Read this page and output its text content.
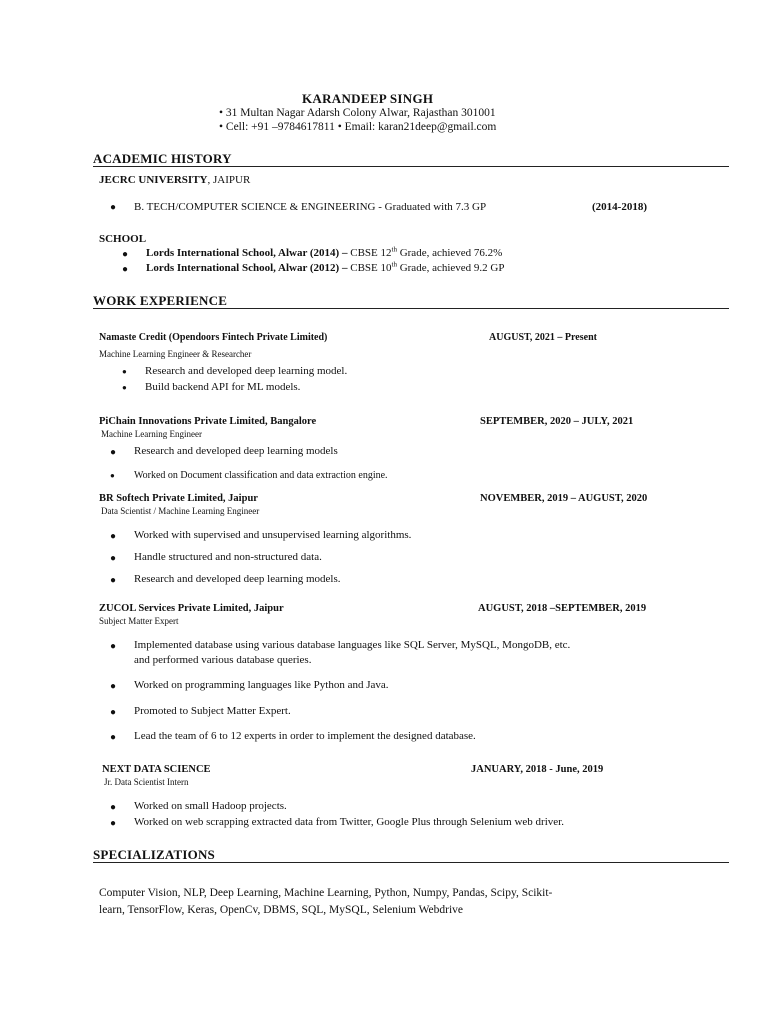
KARANDEEP SINGH
• 31 Multan Nagar Adarsh Colony Alwar, Rajasthan 301001
• Cell: +91 –9784617811 • Email: karan21deep@gmail.com
ACADEMIC HISTORY
JECRC UNIVERSITY, JAIPUR
● B. TECH/COMPUTER SCIENCE & ENGINEERING - Graduated with 7.3 GP	(2014-2018)
SCHOOL
● Lords International School, Alwar (2014) – CBSE 12th Grade, achieved 76.2%
● Lords International School, Alwar (2012) – CBSE 10th Grade, achieved 9.2 GP
WORK EXPERIENCE
Namaste Credit (Opendoors Fintech Private Limited)	AUGUST, 2021 – Present
Machine Learning Engineer & Researcher
● Research and developed deep learning model.
● Build backend API for ML models.
PiChain Innovations Private Limited, Bangalore	SEPTEMBER, 2020 – JULY, 2021
Machine Learning Engineer
● Research and developed deep learning models
● Worked on Document classification and data extraction engine.
BR Softech Private Limited, Jaipur	NOVEMBER, 2019 – AUGUST, 2020
Data Scientist / Machine Learning Engineer
● Worked with supervised and unsupervised learning algorithms.
● Handle structured and non-structured data.
● Research and developed deep learning models.
ZUCOL Services Private Limited, Jaipur	AUGUST, 2018 –SEPTEMBER, 2019
Subject Matter Expert
● Implemented database using various database languages like SQL Server, MySQL, MongoDB, etc.
and performed various database queries.
● Worked on programming languages like Python and Java.
● Promoted to Subject Matter Expert.
● Lead the team of 6 to 12 experts in order to implement the designed database.
NEXT DATA SCIENCE	JANUARY, 2018 - June, 2019
Jr. Data Scientist Intern
● Worked on small Hadoop projects.
● Worked on web scrapping extracted data from Twitter, Google Plus through Selenium web driver.
SPECIALIZATIONS
Computer Vision, NLP, Deep Learning, Machine Learning, Python, Numpy, Pandas, Scipy, Scikit-
learn, TensorFlow, Keras, OpenCv, DBMS, SQL, MySQL, Selenium Webdrive
